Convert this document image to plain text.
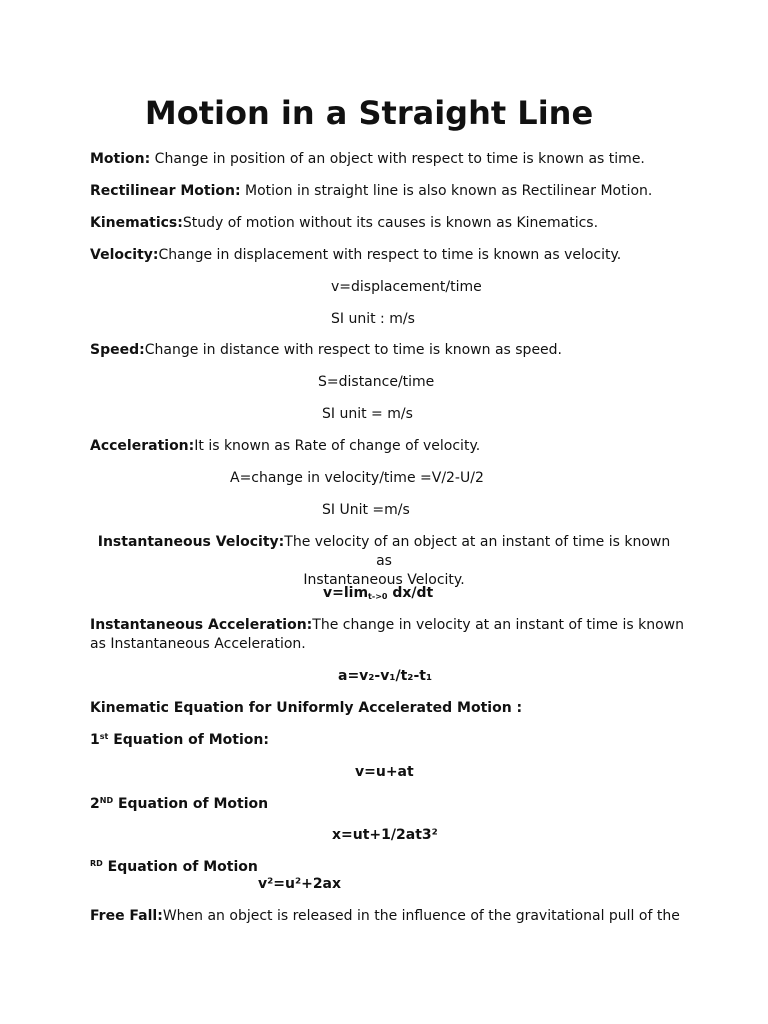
Motion in a Straight Line
Motion: Change in position of an object with respect to time is known as time.
Rectilinear Motion: Motion in straight line is also known as Rectilinear Motion.
Kinematics:Study of motion without its causes is known as Kinematics.
Velocity:Change in displacement with respect to time is known as velocity.
v=displacement/time
SI unit : m/s
Speed:Change in distance with respect to time is known as speed.
S=distance/time
SI unit = m/s
Acceleration:It is known as Rate of change of velocity.
A=change in velocity/time =V/2-U/2
SI Unit =m/s
Instantaneous Velocity:The velocity of an object at an instant of time is known as
Instantaneous Velocity.
$v=\lim_{t->0}$ dx/dt
Instantaneous Acceleration:The change in velocity at an instant of time is known
as Instantaneous Acceleration.
a=v₂-v₁/t₂-t₁
Kinematic Equation for Uniformly Accelerated Motion :
1st Equation of Motion:
v=u+at
2ND Equation of Motion
x=ut+1/2at3²
$^{RD}$ Equation of Motion
v²=u²+2ax
Free Fall:When an object is released in the influence of the gravitational pull of the
